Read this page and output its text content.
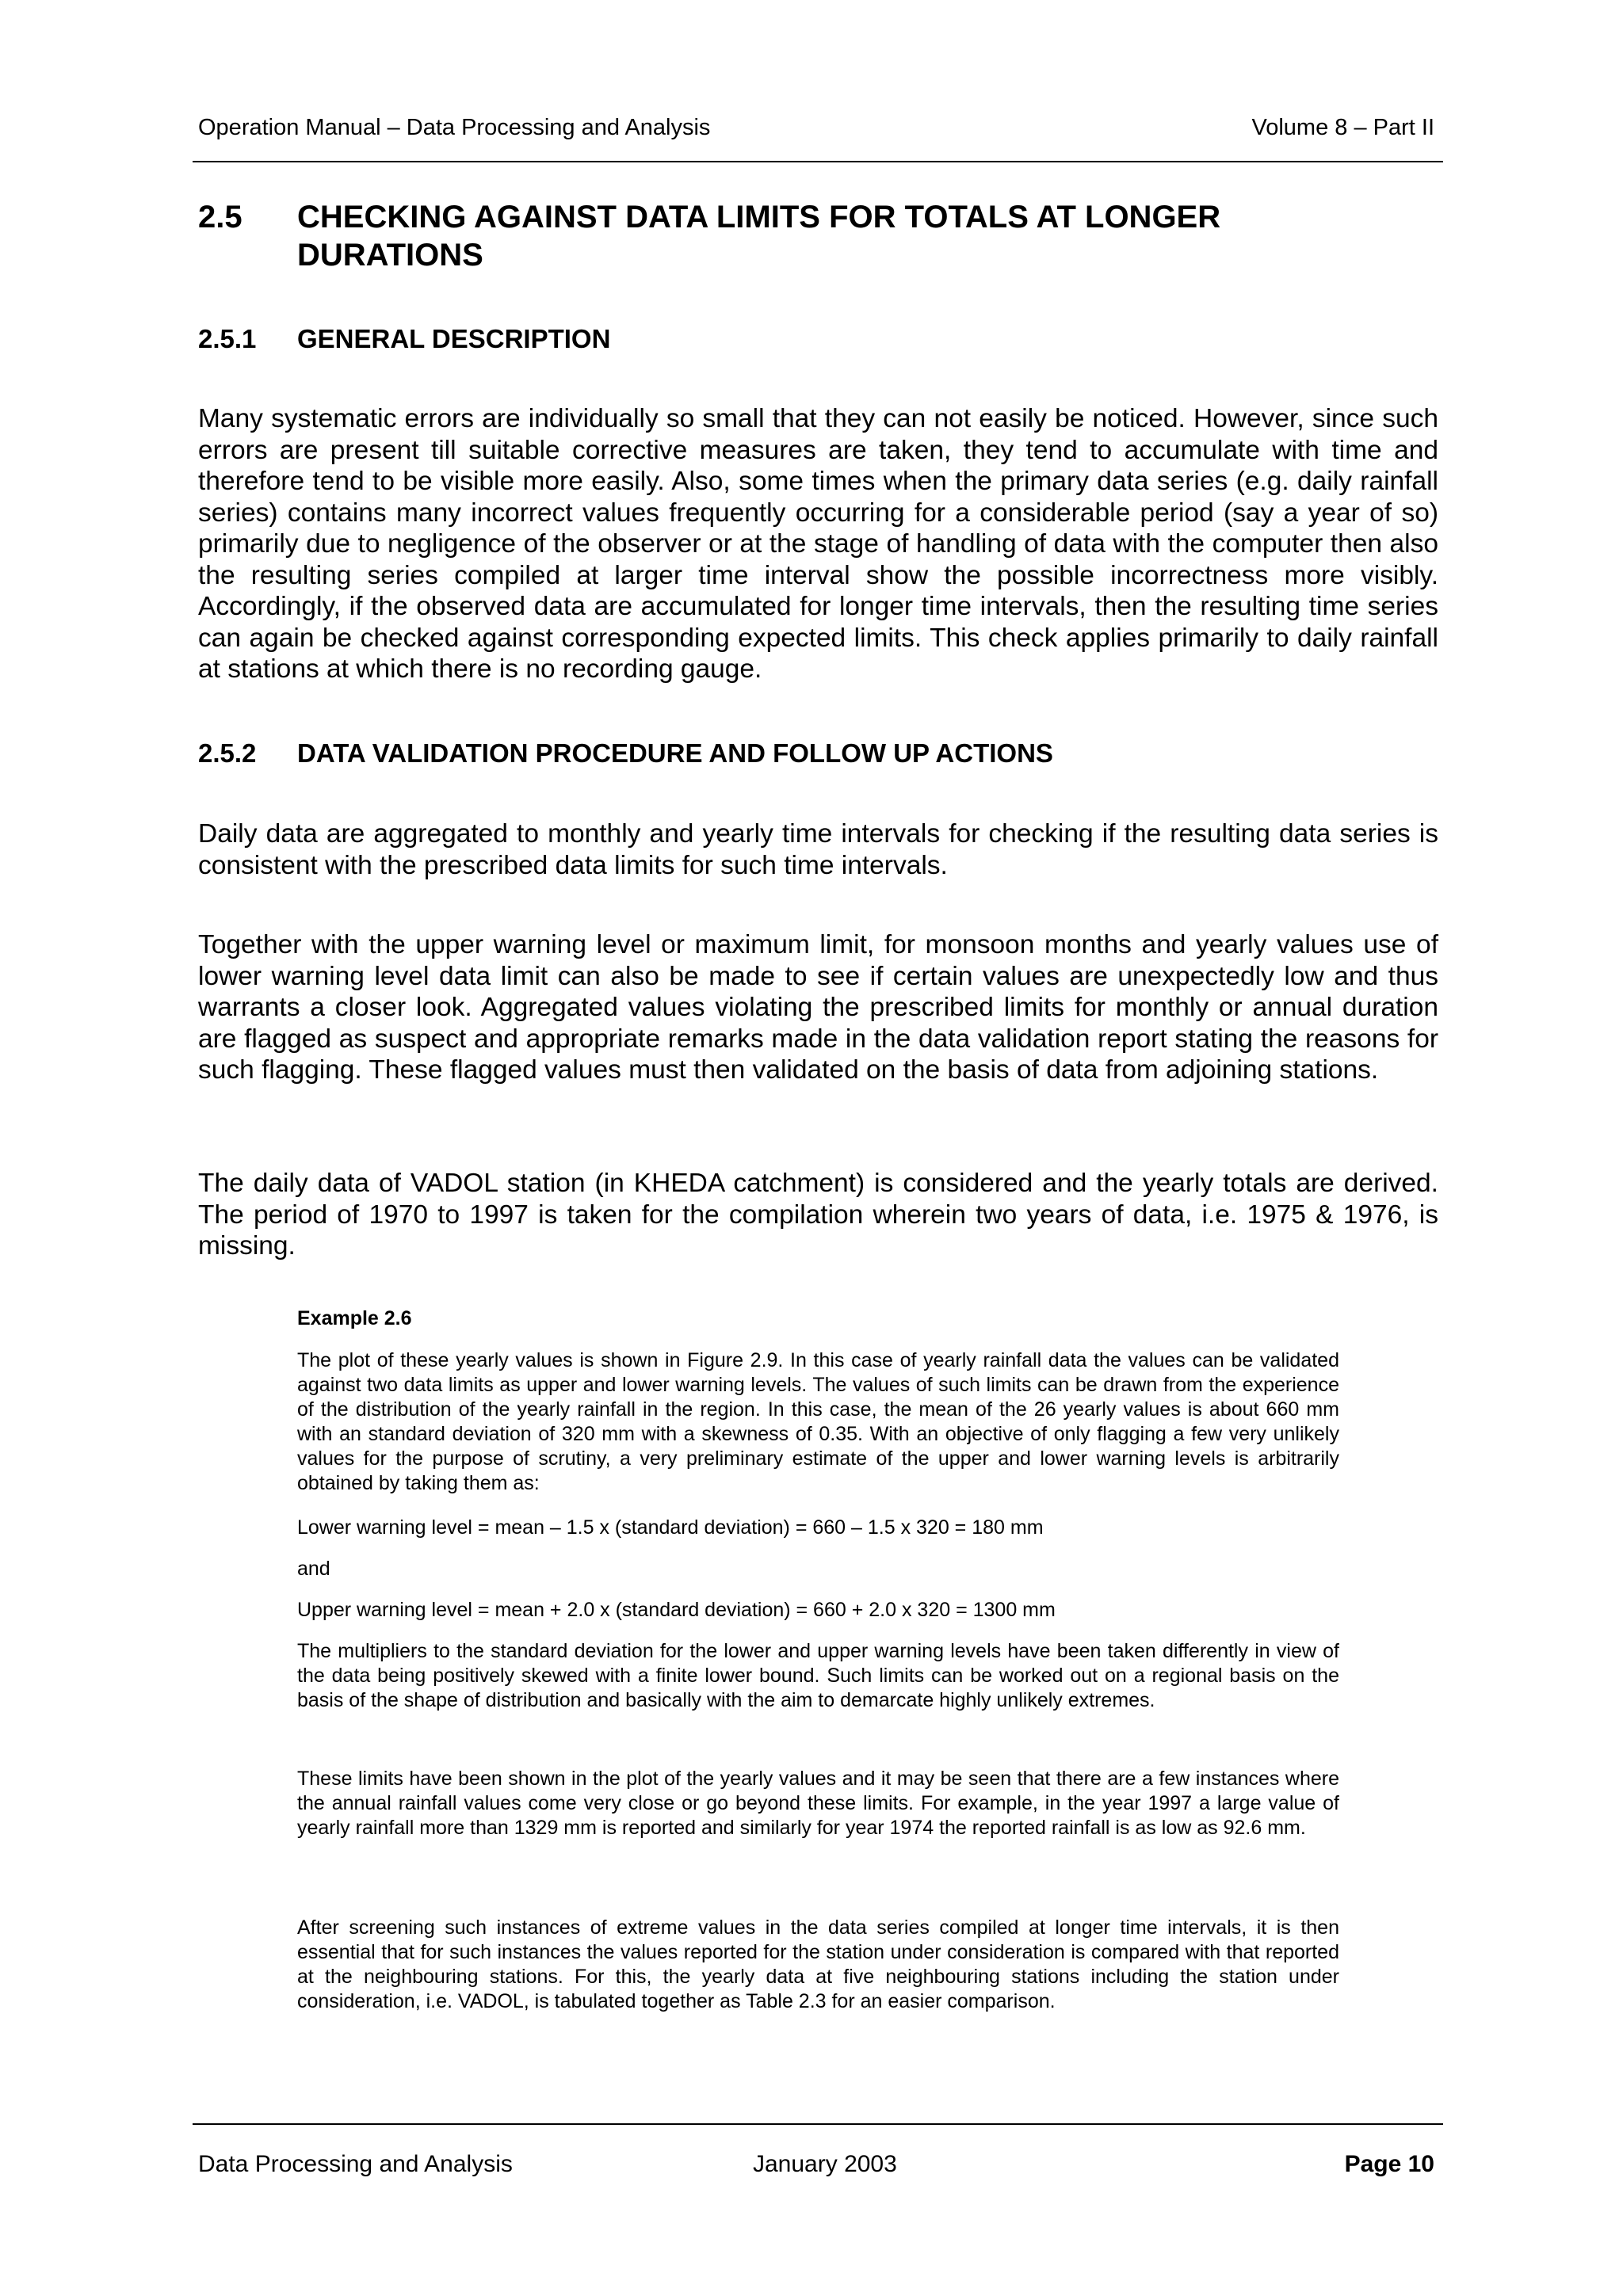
Operation Manual – Data Processing and Analysis	Volume 8 – Part II
2.5 CHECKING AGAINST DATA LIMITS FOR TOTALS AT LONGER DURATIONS
2.5.1 GENERAL DESCRIPTION

Many systematic errors are individually so small that they can not easily be noticed. However, since such errors are present till suitable corrective measures are taken, they tend to accumulate with time and therefore tend to be visible more easily. Also, some times when the primary data series (e.g. daily rainfall series) contains many incorrect values frequently occurring for a considerable period (say a year of so) primarily due to negligence of the observer or at the stage of handling of data with the computer then also the resulting series compiled at larger time interval show the possible incorrectness more visibly. Accordingly, if the observed data are accumulated for longer time intervals, then the resulting time series can again be checked against corresponding expected limits. This check applies primarily to daily rainfall at stations at which there is no recording gauge.

2.5.2 DATA VALIDATION PROCEDURE AND FOLLOW UP ACTIONS

Daily data are aggregated to monthly and yearly time intervals for checking if the resulting data series is consistent with the prescribed data limits for such time intervals.

Together with the upper warning level or maximum limit, for monsoon months and yearly values use of lower warning level data limit can also be made to see if certain values are unexpectedly low and thus warrants a closer look. Aggregated values violating the prescribed limits for monthly or annual duration are flagged as suspect and appropriate remarks made in the data validation report stating the reasons for such flagging. These flagged values must then validated on the basis of data from adjoining stations.

The daily data of VADOL station (in KHEDA catchment) is considered and the yearly totals are derived. The period of 1970 to 1997 is taken for the compilation wherein two years of data, i.e. 1975 & 1976, is missing.

Example 2.6

The plot of these yearly values is shown in Figure 2.9. In this case of yearly rainfall data the values can be validated against two data limits as upper and lower warning levels. The values of such limits can be drawn from the experience of the distribution of the yearly rainfall in the region. In this case, the mean of the 26 yearly values is about 660 mm with an standard deviation of 320 mm with a skewness of 0.35. With an objective of only flagging a few very unlikely values for the purpose of scrutiny, a very preliminary estimate of the upper and lower warning levels is arbitrarily obtained by taking them as:

Lower warning level = mean – 1.5 x (standard deviation) = 660 – 1.5 x 320 = 180 mm

and

Upper warning level = mean + 2.0 x (standard deviation) = 660 + 2.0 x 320 = 1300 mm

The multipliers to the standard deviation for the lower and upper warning levels have been taken differently in view of the data being positively skewed with a finite lower bound. Such limits can be worked out on a regional basis on the basis of the shape of distribution and basically with the aim to demarcate highly unlikely extremes.

These limits have been shown in the plot of the yearly values and it may be seen that there are a few instances where the annual rainfall values come very close or go beyond these limits. For example, in the year 1997 a large value of yearly rainfall more than 1329 mm is reported and similarly for year 1974 the reported rainfall is as low as 92.6 mm.

After screening such instances of extreme values in the data series compiled at longer time intervals, it is then essential that for such instances the values reported for the station under consideration is compared with that reported at the neighbouring stations. For this, the yearly data at five neighbouring stations including the station under consideration, i.e. VADOL, is tabulated together as Table 2.3 for an easier comparison.

Data Processing and Analysis	January 2003	Page 10
